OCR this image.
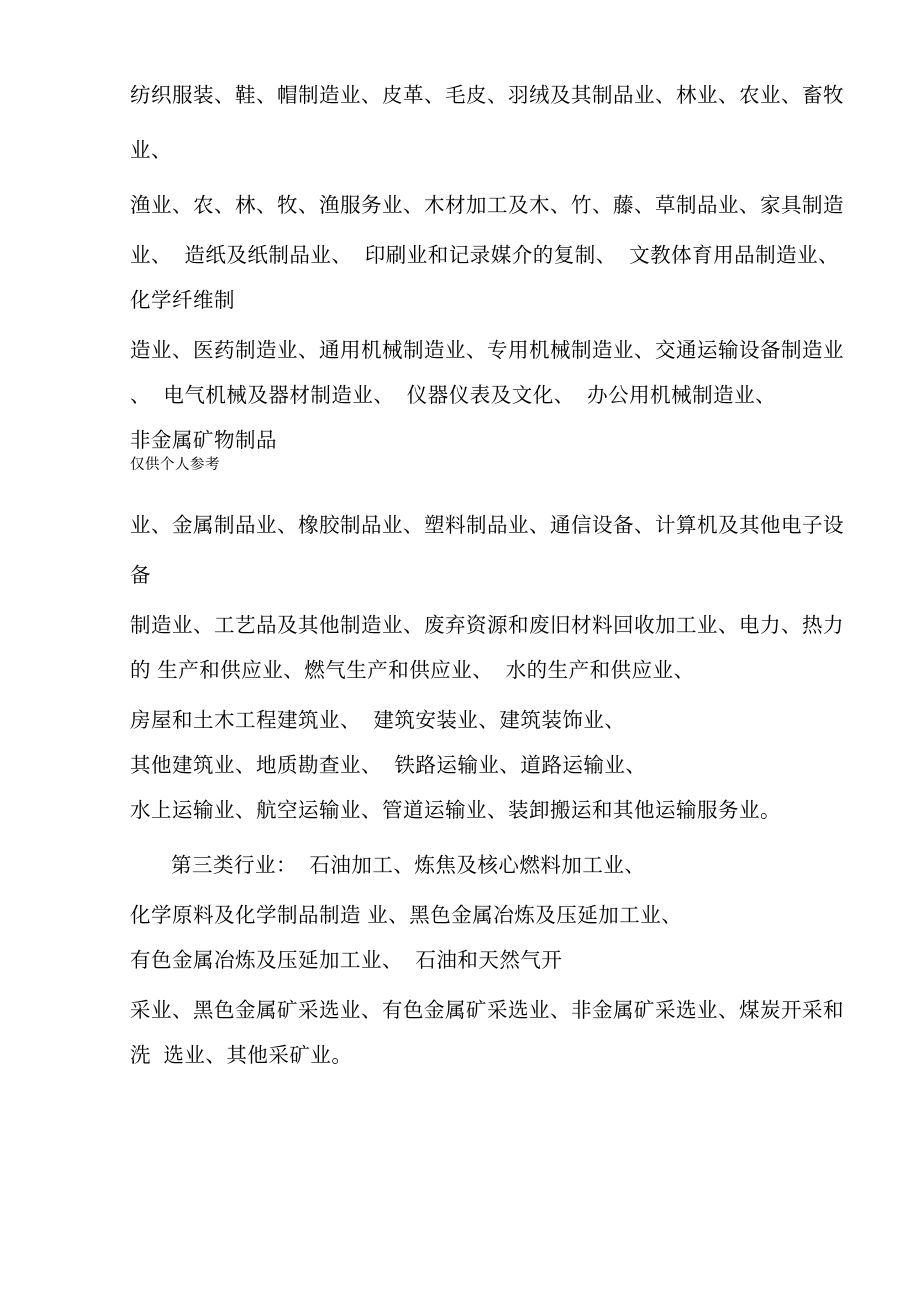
纺织服装、鞋、帽制造业、皮革、毛皮、羽绒及其制品业、林业、农业、畜牧
业、
渔业、农、林、牧、渔服务业、木材加工及木、竹、藤、草制品业、家具制造
业、  造纸及纸制品业、  印刷业和记录媒介的复制、  文教体育用品制造业、
化学纤维制
造业、医药制造业、通用机械制造业、专用机械制造业、交通运输设备制造业
、  电气机械及器材制造业、  仪器仪表及文化、  办公用机械制造业、
非金属矿物制品
仅供个人参考
业、金属制品业、橡胶制品业、塑料制品业、通信设备、计算机及其他电子设
备
制造业、工艺品及其他制造业、废弃资源和废旧材料回收加工业、电力、热力
的 生产和供应业、燃气生产和供应业、  水的生产和供应业、
房屋和土木工程建筑业、  建筑安装业、建筑装饰业、
其他建筑业、地质勘查业、  铁路运输业、道路运输业、
水上运输业、航空运输业、管道运输业、装卸搬运和其他运输服务业。
第三类行业：  石油加工、炼焦及核心燃料加工业、
化学原料及化学制品制造 业、黑色金属冶炼及压延加工业、
有色金属冶炼及压延加工业、  石油和天然气开
采业、黑色金属矿采选业、有色金属矿采选业、非金属矿采选业、煤炭开采和
洗  选业、其他采矿业。
